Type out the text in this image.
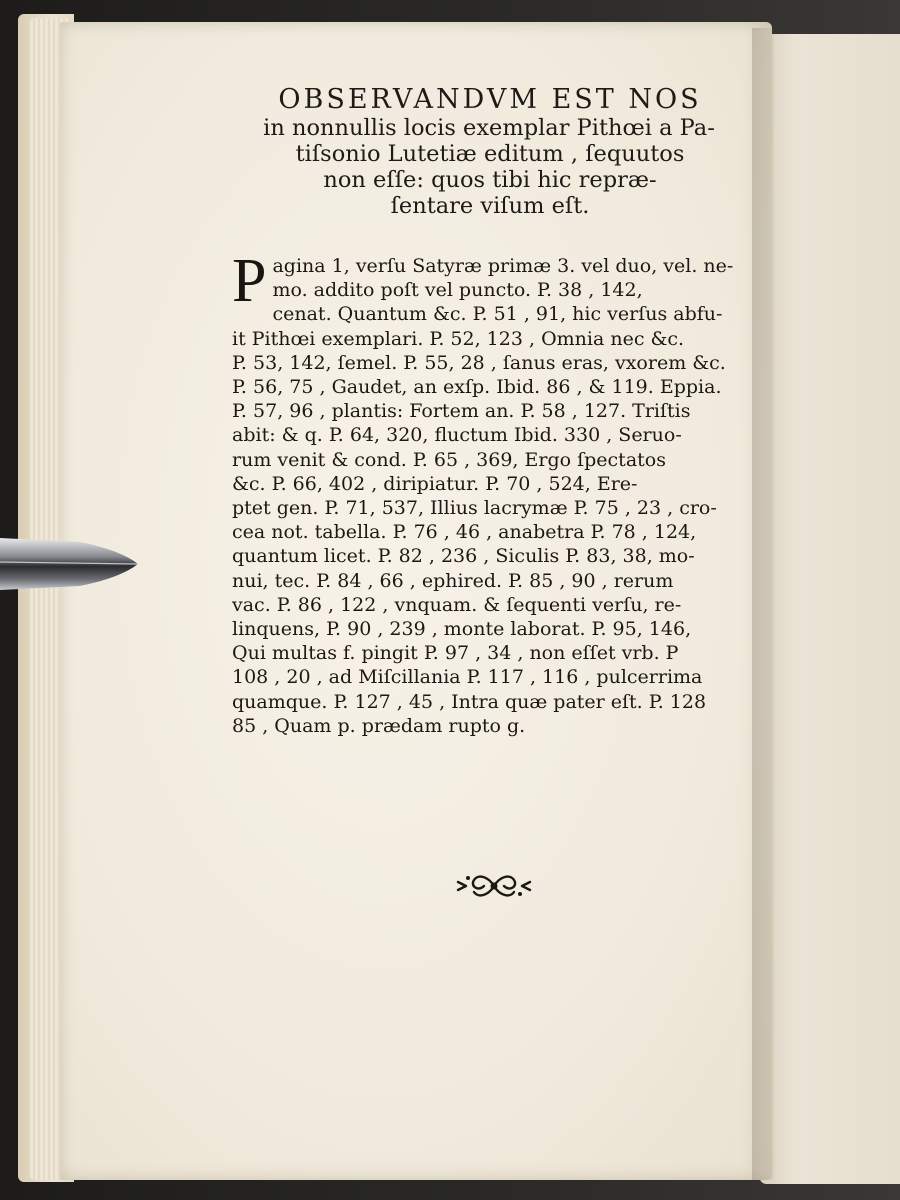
OBSERVANDVM EST NOS
in nonnullis locis exemplar Pithœi a Pa-
tiſsonio Lutetiæ editum , ſequutos
non eſſe: quos tibi hic repræ-
ſentare viſum eſt.
P agina 1, verſu Satyræ primæ 3. vel duo, vel. ne-
mo. addito poſt vel puncto. P. 38 , 142,
cenat. Quantum &c. P. 51 , 91, hic verſus abfu-
it Pithœi exemplari. P. 52, 123 , Omnia nec &c.
P. 53, 142, ſemel. P. 55, 28 , ſanus eras, vxorem &c.
P. 56, 75 , Gaudet, an exſp. Ibid. 86 , & 119. Eppia.
P. 57, 96 , plantis: Fortem an. P. 58 , 127. Triſtis
abit: & q. P. 64, 320, fluctum Ibid. 330 , Seruo-
rum venit & cond. P. 65 , 369, Ergo ſpectatos
&c. P. 66, 402 , diripiatur. P. 70 , 524, Ere-
ptet gen. P. 71, 537, Illius lacrymæ P. 75 , 23 , cro-
cea not. tabella. P. 76 , 46 , anabetra P. 78 , 124,
quantum licet. P. 82 , 236 , Siculis P. 83, 38, mo-
nui, tec. P. 84 , 66 , ephired. P. 85 , 90 , rerum
vac. P. 86 , 122 , vnquam. & ſequenti verſu, re-
linquens, P. 90 , 239 , monte laborat. P. 95, 146,
Qui multas f. pingit P. 97 , 34 , non eſſet vrb. P
108 , 20 , ad Miſcillania P. 117 , 116 , pulcerrima
quamque. P. 127 , 45 , Intra quæ pater eſt. P. 128
85 , Quam p. prædam rupto g.
